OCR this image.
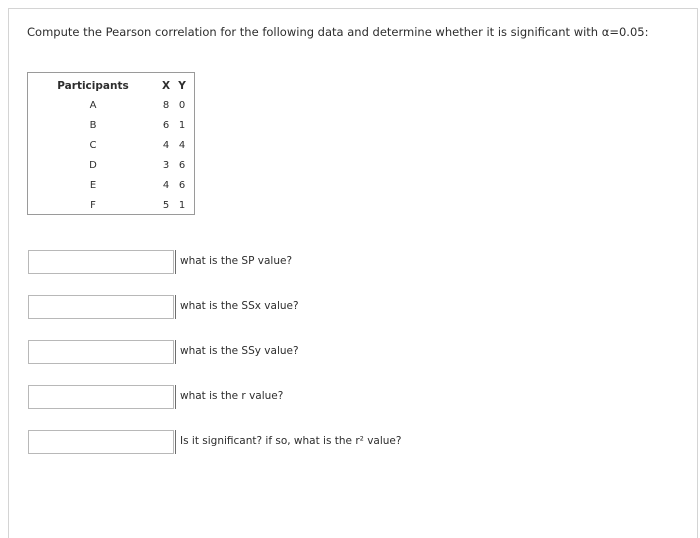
Compute the Pearson correlation for the following data and determine whether it is significant with α=0.05:
Participants	X	Y
A	8	0
B	6	1
C	4	4
D	3	6
E	4	6
F	5	1
what is the SP value?
what is the SSx value?
what is the SSy value?
what is the r value?
Is it significant? if so, what is the r² value?
